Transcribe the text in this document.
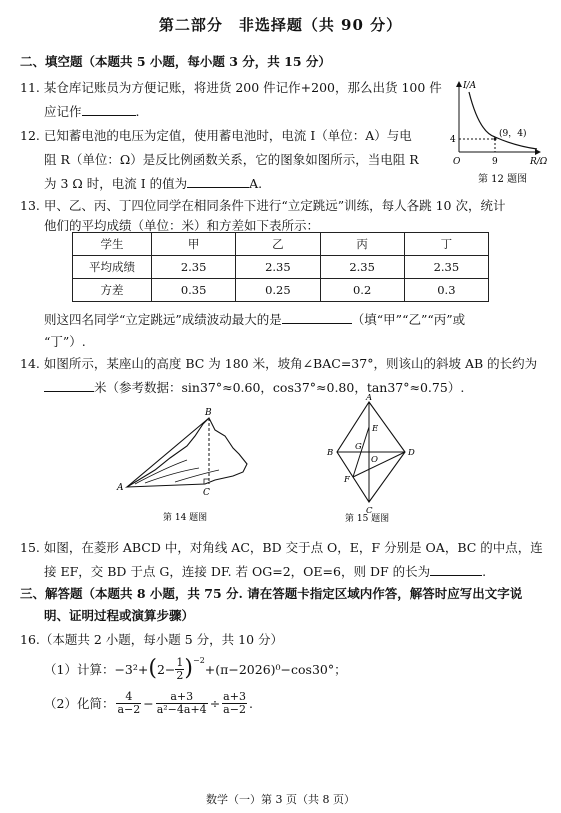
第二部分　非选择题（共 90 分）
二、填空题（本题共 5 小题，每小题 3 分，共 15 分）
11. 某仓库记账员为方便记账，将进货 200 件记作+200，那么出货 100 件
应记作	.
12. 已知蓄电池的电压为定值，使用蓄电池时，电流 I（单位：A）与电
阻 R（单位：Ω）是反比例函数关系，它的图象如图所示，当电阻 R
为 3 Ω 时，电流 I 的值为	A.
I/A
R/Ω
O
4
9
(9，4)
第 12 题图
13. 甲、乙、丙、丁四位同学在相同条件下进行“立定跳远”训练，每人各跳 10 次，统计
他们的平均成绩（单位：米）和方差如下表所示：
学生	甲	乙	丙	丁
平均成绩	2.35	2.35	2.35	2.35
方差	0.35	0.25	0.2	0.3
则这四名同学“立定跳远”成绩波动最大的是	（填“甲”“乙”“丙”或
“丁”）.
14. 如图所示，某座山的高度 BC 为 180 米，坡角∠BAC=37°，则该山的斜坡 AB 的长约为
米（参考数据：sin37°≈0.60，cos37°≈0.80，tan37°≈0.75）.
A
B
C
第 14 题图
A
B
C
D
E
F
G
O
第 15 题图
15. 如图，在菱形 ABCD 中，对角线 AC，BD 交于点 O，E，F 分别是 OA，BC 的中点，连
接 EF，交 BD 于点 G，连接 DF. 若 OG=2，OE=6，则 DF 的长为	.
三、解答题（本题共 8 小题，共 75 分. 请在答题卡指定区域内作答，解答时应写出文字说
明、证明过程或演算步骤）
16.（本题共 2 小题，每小题 5 分，共 10 分）
（1）计算： −3²+ ( $2- \frac{1}{2} )^{-2}$
+(π−2026)⁰−cos30°；
（2）化简： $\frac{4}{a-2} - \frac{a+3}{\text{a²−4a+4}} \div \frac{a+3}{a-2}$ .
数学（一）第 3 页（共 8 页）
